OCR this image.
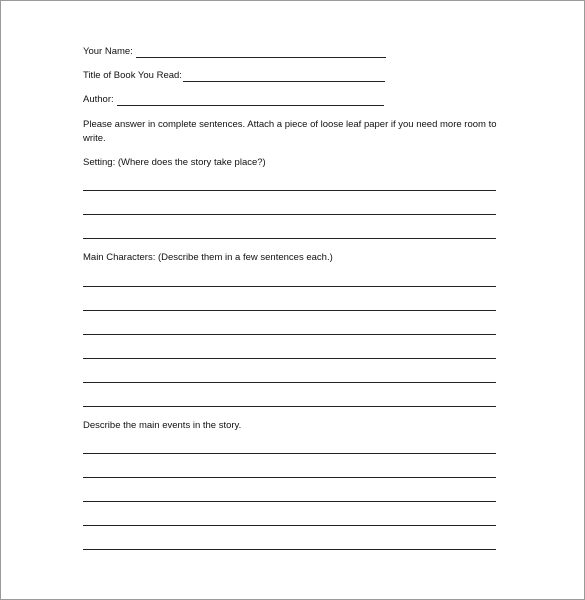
Your Name:
Title of Book You Read:
Author:
Please answer in complete sentences. Attach a piece of loose leaf paper if you need more room to write.
Setting: (Where does the story take place?)
Main Characters: (Describe them in a few sentences each.)
Describe the main events in the story.
